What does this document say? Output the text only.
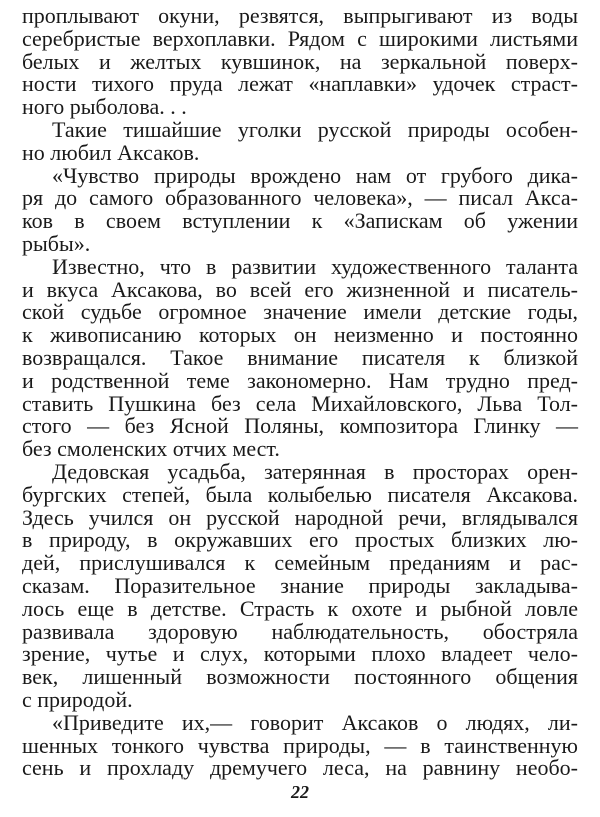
проплывают окуни, резвятся, выпрыгивают из воды
серебристые верхоплавки. Рядом с широкими листьями
белых и желтых кувшинок, на зеркальной поверх-
ности тихого пруда лежат «наплавки» удочек страст-
ного рыболова. . .
Такие тишайшие уголки русской природы особен-
но любил Аксаков.
«Чувство природы врождено нам от грубого дика-
ря до самого образованного человека», — писал Акса-
ков в своем вступлении к «Запискам об ужении
рыбы».
Известно, что в развитии художественного таланта
и вкуса Аксакова, во всей его жизненной и писатель-
ской судьбе огромное значение имели детские годы,
к живописанию которых он неизменно и постоянно
возвращался. Такое внимание писателя к близкой
и родственной теме закономерно. Нам трудно пред-
ставить Пушкина без села Михайловского, Льва Тол-
стого — без Ясной Поляны, композитора Глинку —
без смоленских отчих мест.
Дедовская усадьба, затерянная в просторах орен-
бургских степей, была колыбелью писателя Аксакова.
Здесь учился он русской народной речи, вглядывался
в природу, в окружавших его простых близких лю-
дей, прислушивался к семейным преданиям и рас-
сказам. Поразительное знание природы закладыва-
лось еще в детстве. Страсть к охоте и рыбной ловле
развивала здоровую наблюдательность, обостряла
зрение, чутье и слух, которыми плохо владеет чело-
век, лишенный возможности постоянного общения
с природой.
«Приведите их,— говорит Аксаков о людях, ли-
шенных тонкого чувства природы, — в таинственную
сень и прохладу дремучего леса, на равнину необо-
22
